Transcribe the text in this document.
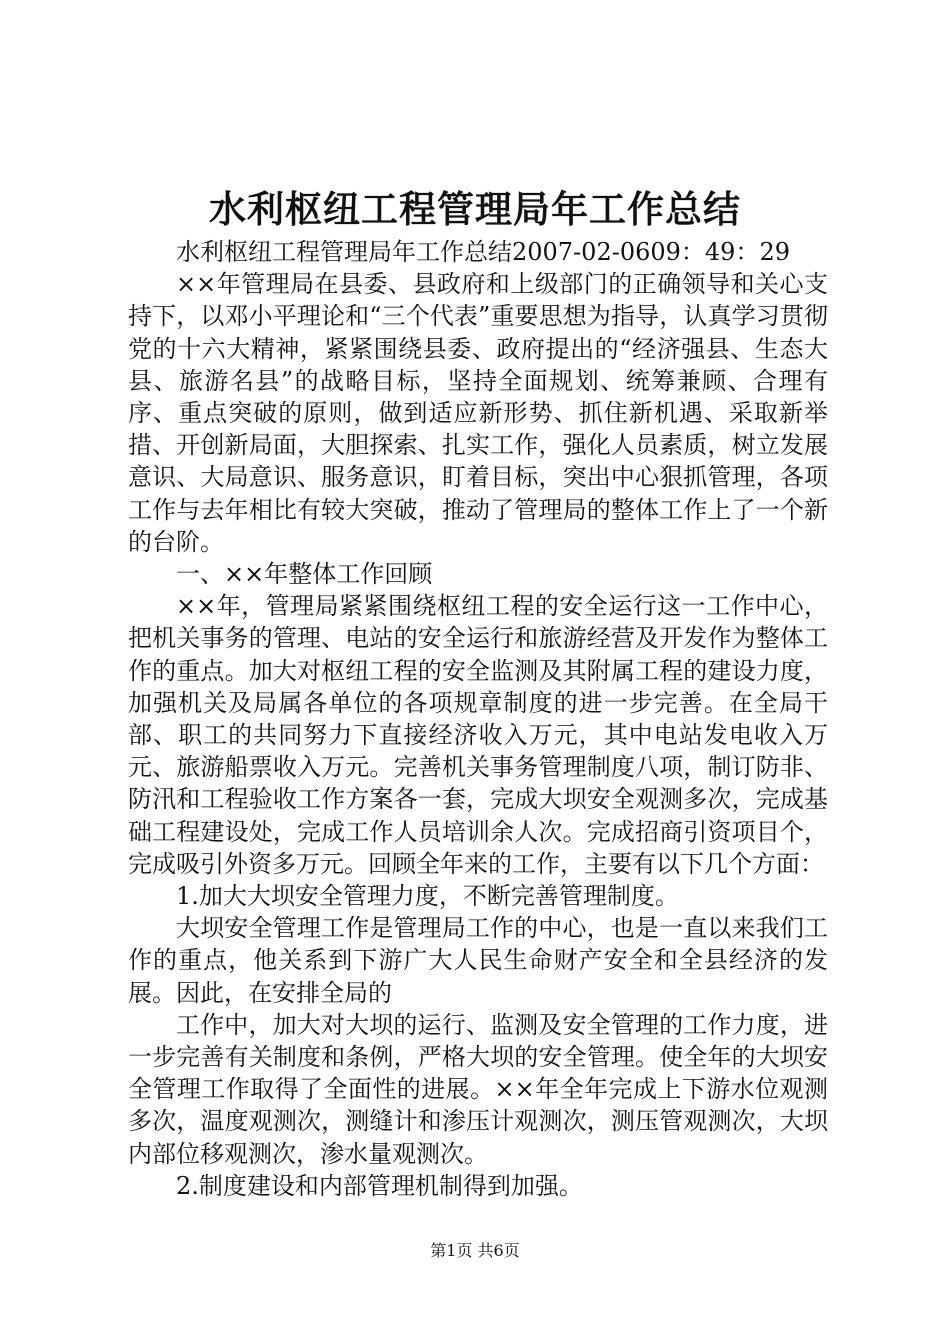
水利枢纽工程管理局年工作总结

水利枢纽工程管理局年工作总结2007-02-0609：49：29

××年管理局在县委、县政府和上级部门的正确领导和关心支持下，以邓小平理论和“三个代表”重要思想为指导，认真学习贯彻党的十六大精神，紧紧围绕县委、政府提出的“经济强县、生态大县、旅游名县”的战略目标，坚持全面规划、统筹兼顾、合理有序、重点突破的原则，做到适应新形势、抓住新机遇、采取新举措、开创新局面，大胆探索、扎实工作，强化人员素质，树立发展意识、大局意识、服务意识，盯着目标，突出中心狠抓管理，各项工作与去年相比有较大突破，推动了管理局的整体工作上了一个新的台阶。

一、××年整体工作回顾

××年，管理局紧紧围绕枢纽工程的安全运行这一工作中心，把机关事务的管理、电站的安全运行和旅游经营及开发作为整体工作的重点。加大对枢纽工程的安全监测及其附属工程的建设力度，加强机关及局属各单位的各项规章制度的进一步完善。在全局干部、职工的共同努力下直接经济收入万元，其中电站发电收入万元、旅游船票收入万元。完善机关事务管理制度八项，制订防非、防汛和工程验收工作方案各一套，完成大坝安全观测多次，完成基础工程建设处，完成工作人员培训余人次。完成招商引资项目个，完成吸引外资多万元。回顾全年来的工作，主要有以下几个方面：

1.加大大坝安全管理力度，不断完善管理制度。

大坝安全管理工作是管理局工作的中心，也是一直以来我们工作的重点，他关系到下游广大人民生命财产安全和全县经济的发展。因此，在安排全局的

工作中，加大对大坝的运行、监测及安全管理的工作力度，进一步完善有关制度和条例，严格大坝的安全管理。使全年的大坝安全管理工作取得了全面性的进展。××年全年完成上下游水位观测多次，温度观测次，测缝计和渗压计观测次，测压管观测次，大坝内部位移观测次，渗水量观测次。

2.制度建设和内部管理机制得到加强。

第1页 共6页
